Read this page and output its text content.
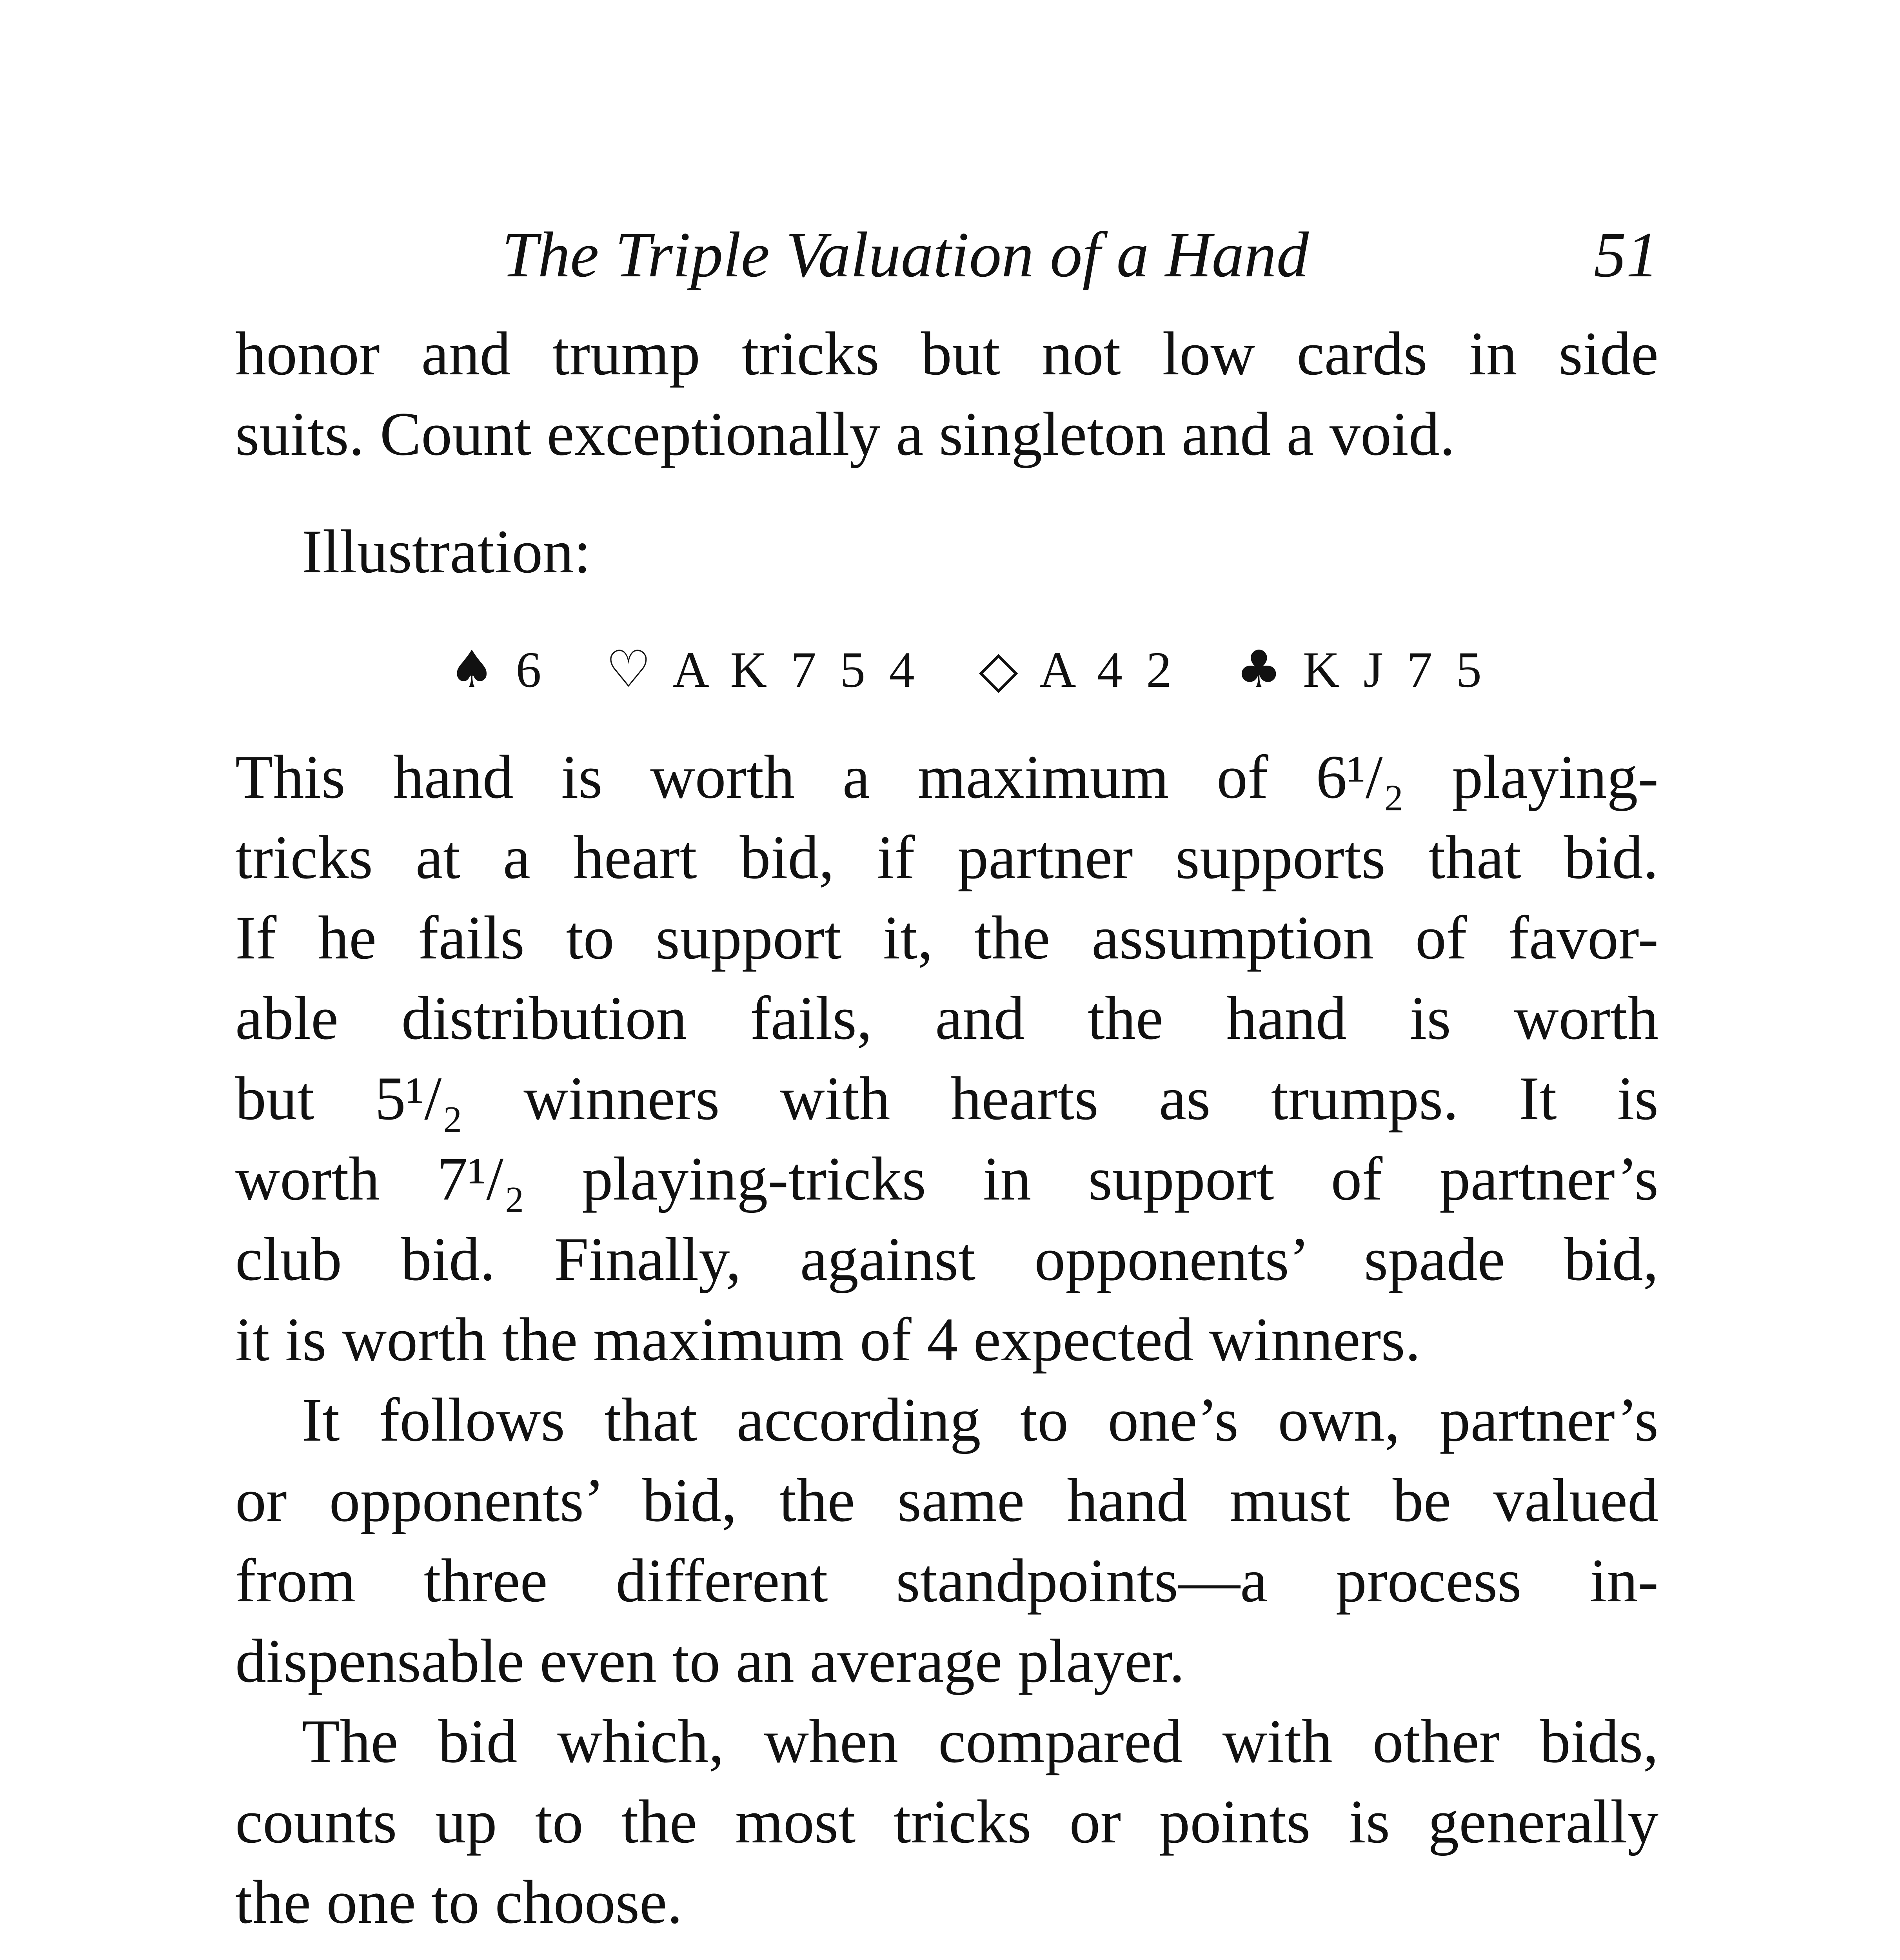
The Triple Valuation of a Hand	51
honor and trump tricks but not low cards in side
suits. Count exceptionally a singleton and a void.
Illustration:
♠ 6 ♡ A K 7 5 4 ◇ A 4 2 ♣ K J 7 5
This hand is worth a maximum of 6¹/₂ playing-
tricks at a heart bid, if partner supports that bid.
If he fails to support it, the assumption of favor-
able distribution fails, and the hand is worth
but 5¹/₂ winners with hearts as trumps. It is
worth 7¹/₂ playing-tricks in support of partner’s
club bid. Finally, against opponents’ spade bid,
it is worth the maximum of 4 expected winners.
It follows that according to one’s own, partner’s
or opponents’ bid, the same hand must be valued
from three different standpoints—a process in-
dispensable even to an average player.
The bid which, when compared with other bids,
counts up to the most tricks or points is generally
the one to choose.
